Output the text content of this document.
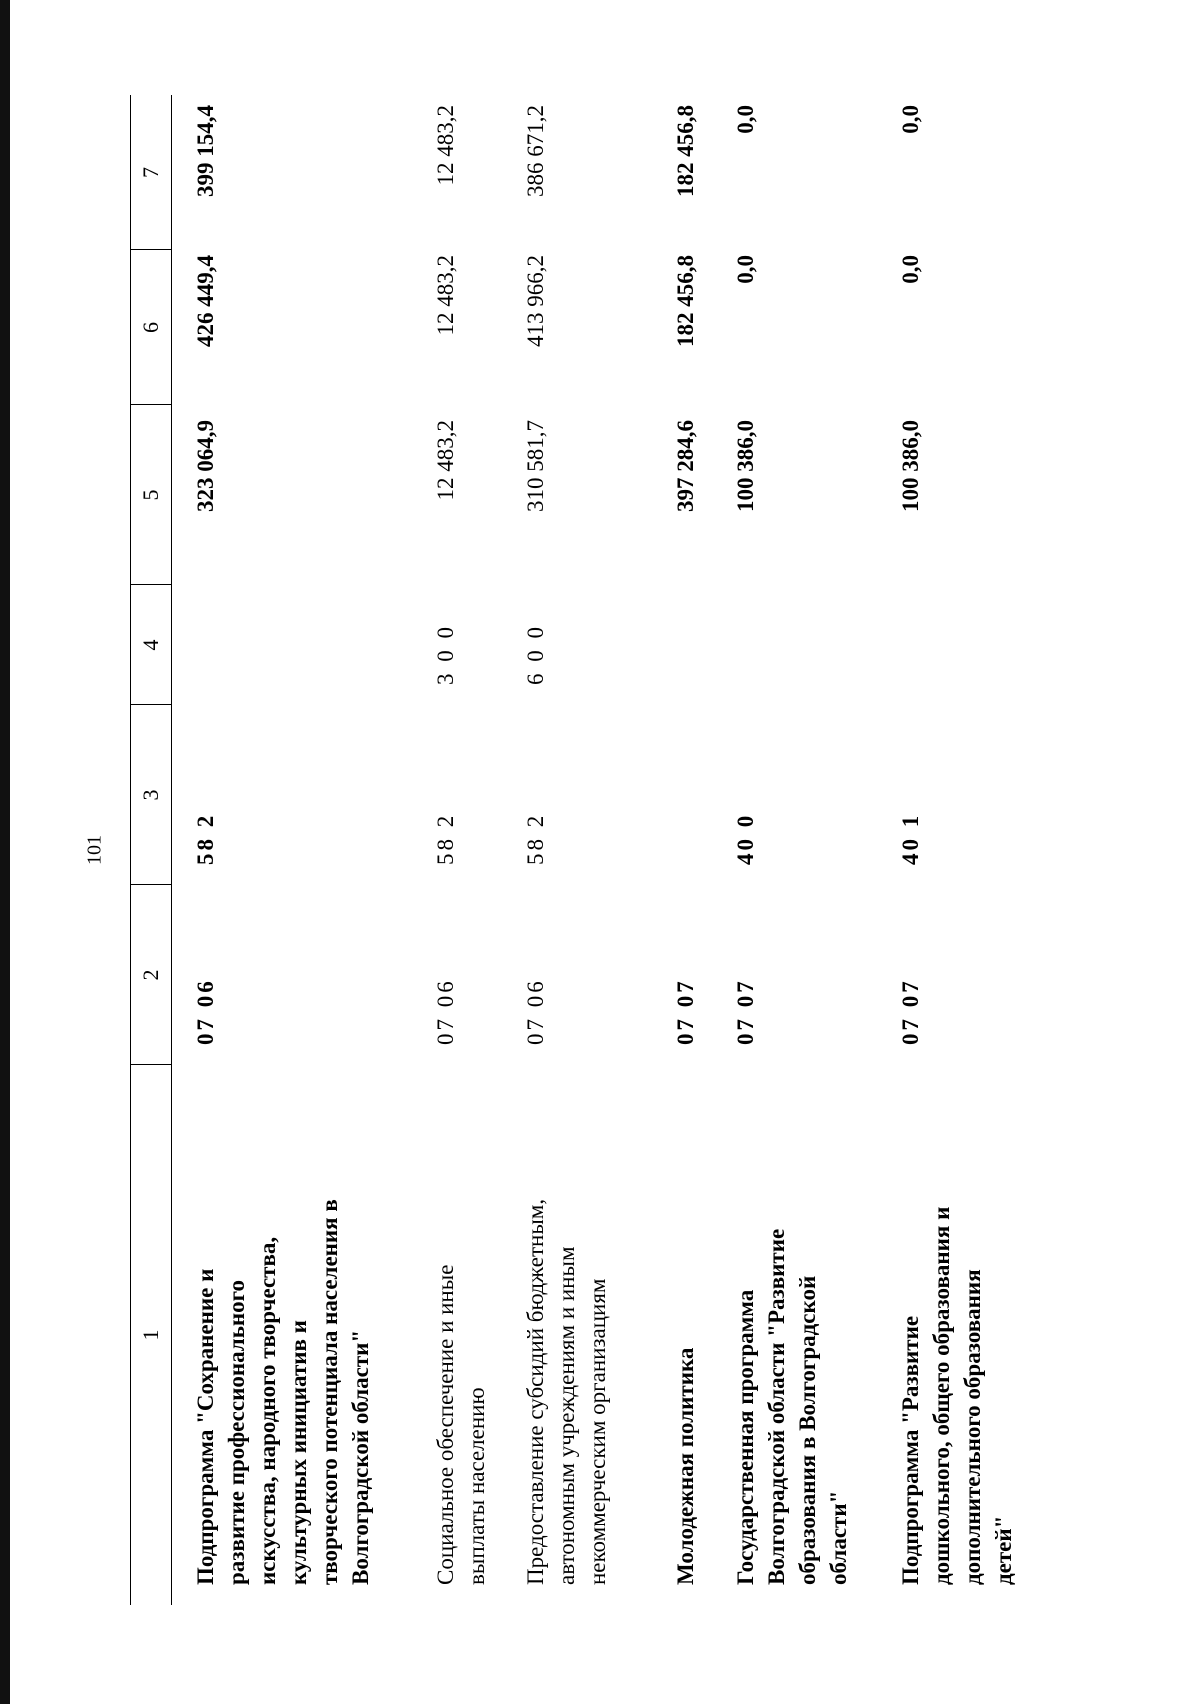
101
1
2
3
4
5
6
7
Подпрограмма "Сохранение и развитие профессионального искусства, народного творчества, культурных инициатив и творческого потенциала населения в Волгоградской области"
07 06
58 2
323 064,9
426 449,4
399 154,4
Социальное обеспечение и иные выплаты населению
07 06
58 2
3 0 0
12 483,2
12 483,2
12 483,2
Предоставление субсидий бюджетным, автономным учреждениям и иным некоммерческим организациям
07 06
58 2
6 0 0
310 581,7
413 966,2
386 671,2
Молодежная политика
07 07
397 284,6
182 456,8
182 456,8
Государственная программа Волгоградской области "Развитие образования в Волгоградской области"
07 07
40 0
100 386,0
0,0
0,0
Подпрограмма "Развитие дошкольного, общего образования и дополнительного образования детей"
07 07
40 1
100 386,0
0,0
0,0
